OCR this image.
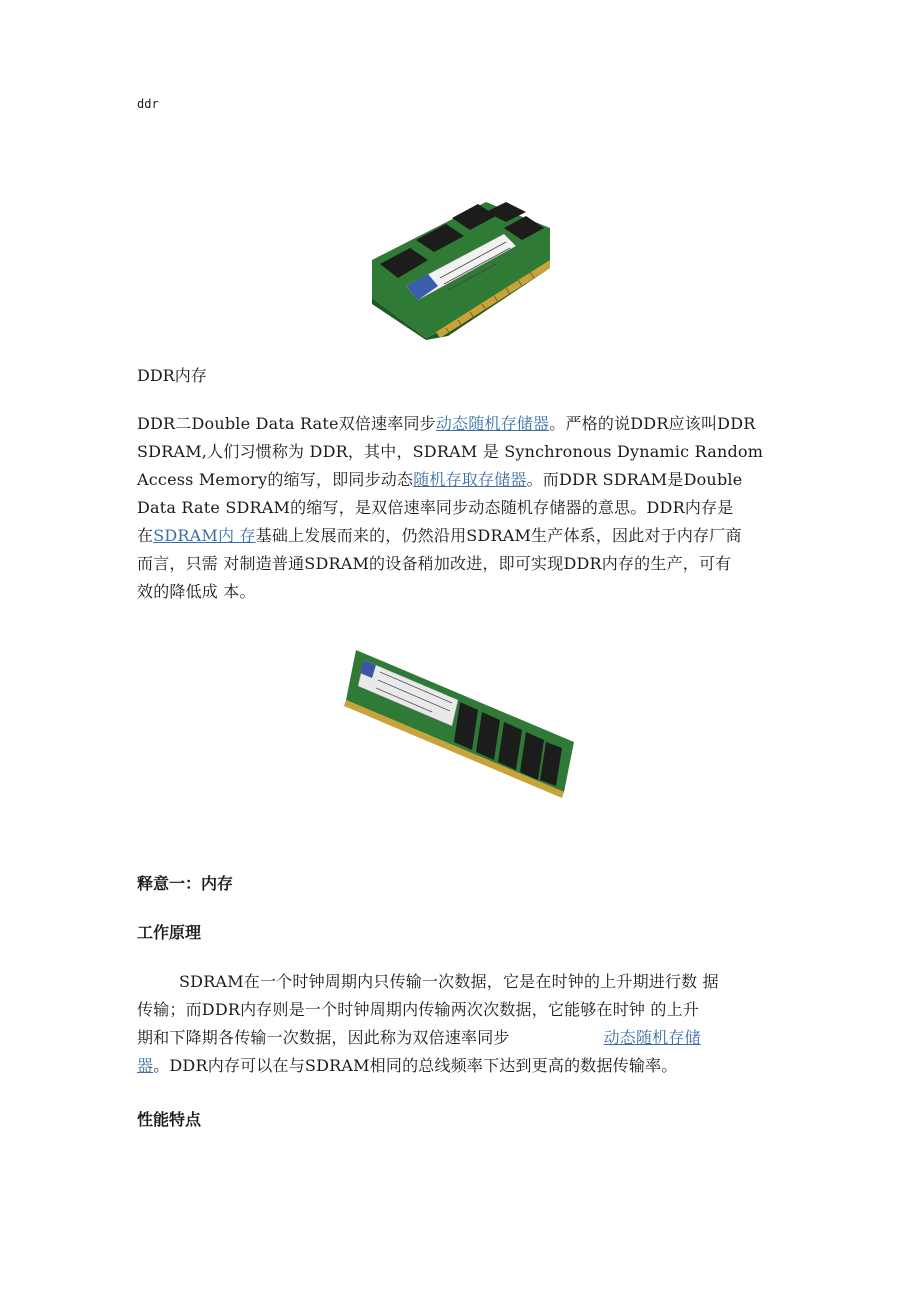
ddr
DDR内存
DDR二Double Data Rate双倍速率同步动态随机存储器。严格的说DDR应该叫DDR
SDRAM,人们习惯称为 DDR，其中，SDRAM 是 Synchronous Dynamic Random
Access Memory的缩写，即同步动态随机存取存储器。而DDR SDRAM是Double
Data Rate SDRAM的缩写，是双倍速率同步动态随机存储器的意思。DDR内存是
在SDRAM内 存基础上发展而来的，仍然沿用SDRAM生产体系，因此对于内存厂商
而言，只需 对制造普通SDRAM的设备稍加改进，即可实现DDR内存的生产，可有
效的降低成 本。
释意一：内存
工作原理
SDRAM在一个时钟周期内只传输一次数据，它是在时钟的上升期进行数 据
传输；而DDR内存则是一个时钟周期内传输两次次数据，它能够在时钟 的上升
期和下降期各传输一次数据，因此称为双倍速率同步	动态随机存储
器。DDR内存可以在与SDRAM相同的总线频率下达到更高的数据传输率。
性能特点
